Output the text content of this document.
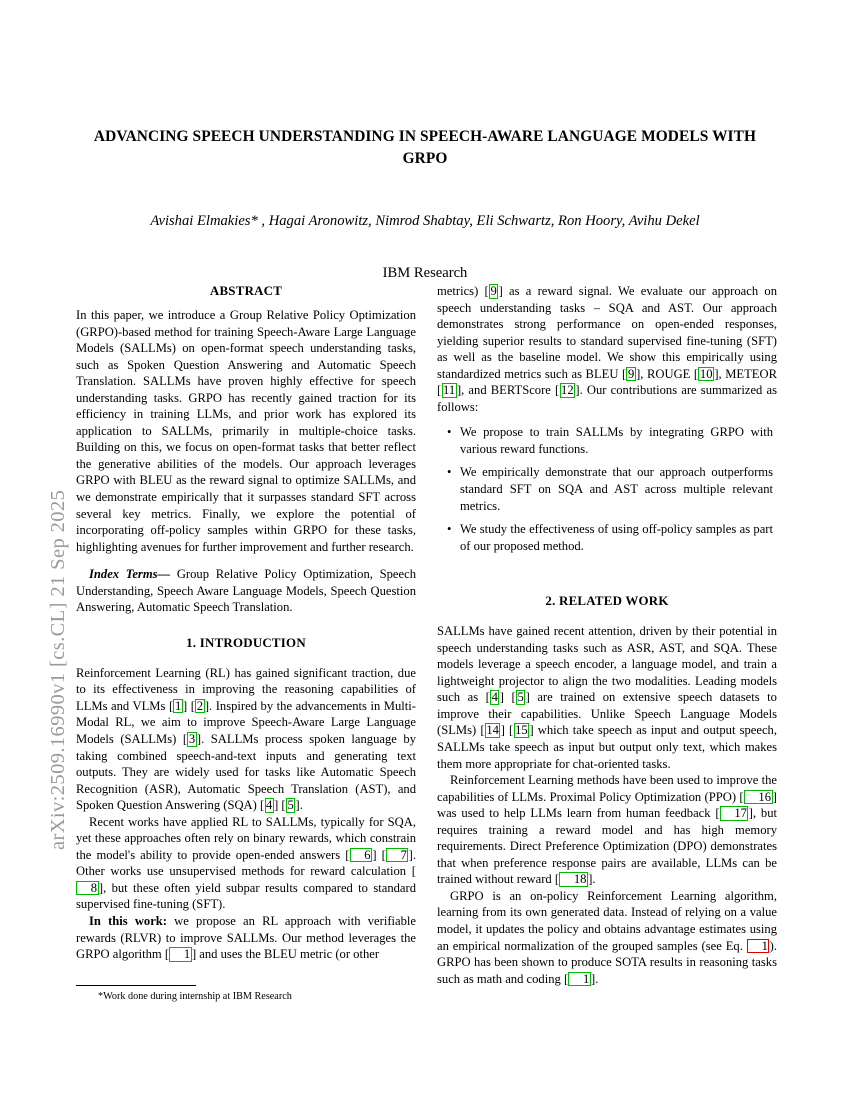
arXiv:2509.16990v1 [cs.CL] 21 Sep 2025
ADVANCING SPEECH UNDERSTANDING IN SPEECH-AWARE LANGUAGE MODELS WITH GRPO

Avishai Elmakies* , Hagai Aronowitz, Nimrod Shabtay, Eli Schwartz, Ron Hoory, Avihu Dekel

IBM Research

ABSTRACT

In this paper, we introduce a Group Relative Policy Optimization (GRPO)-based method for training Speech-Aware Large Language Models (SALLMs) on open-format speech understanding tasks, such as Spoken Question Answering and Automatic Speech Translation. SALLMs have proven highly effective for speech understanding tasks. GRPO has recently gained traction for its efficiency in training LLMs, and prior work has explored its application to SALLMs, primarily in multiple-choice tasks. Building on this, we focus on open-format tasks that better reflect the generative abilities of the models. Our approach leverages GRPO with BLEU as the reward signal to optimize SALLMs, and we demonstrate empirically that it surpasses standard SFT across several key metrics. Finally, we explore the potential of incorporating off-policy samples within GRPO for these tasks, highlighting avenues for further improvement and further research.

Index Terms— Group Relative Policy Optimization, Speech Understanding, Speech Aware Language Models, Speech Question Answering, Automatic Speech Translation.

1. INTRODUCTION

Reinforcement Learning (RL) has gained significant traction, due to its effectiveness in improving the reasoning capabilities of LLMs and VLMs [ 1 ] [ 2 ]. Inspired by the advancements in Multi-Modal RL, we aim to improve Speech-Aware Large Language Models (SALLMs) [ 3 ]. SALLMs process spoken language by taking combined speech-and-text inputs and generating text outputs. They are widely used for tasks like Automatic Speech Recognition (ASR), Automatic Speech Translation (AST), and Spoken Question Answering (SQA) [ 4 ] [ 5 ].

Recent works have applied RL to SALLMs, typically for SQA, yet these approaches often rely on binary rewards, which constrain the model's ability to provide open-ended answers [ 6 ] [ 7 ]. Other works use unsupervised methods for reward calculation [8 ], but these often yield subpar results compared to standard supervised fine-tuning (SFT).

In this work: we propose an RL approach with verifiable rewards (RLVR) to improve SALLMs. Our method leverages the GRPO algorithm [ 1 ] and uses the BLEU metric (or other

metrics) [ 9 ] as a reward signal. We evaluate our approach on speech understanding tasks – SQA and AST. Our approach demonstrates strong performance on open-ended responses, yielding superior results to standard supervised fine-tuning (SFT) as well as the baseline model. We show this empirically using standardized metrics such as BLEU [ 9 ], ROUGE [ 10 ], METEOR [ 11 ], and BERTScore [ 12 ]. Our contributions are summarized as follows:

• We propose to train SALLMs by integrating GRPO with various reward functions.
• We empirically demonstrate that our approach outperforms standard SFT on SQA and AST across multiple relevant metrics.
• We study the effectiveness of using off-policy samples as part of our proposed method.

2. RELATED WORK

SALLMs have gained recent attention, driven by their potential in speech understanding tasks such as ASR, AST, and SQA. These models leverage a speech encoder, a language model, and train a lightweight projector to align the two modalities. Leading models such as [ 4 ] [ 5 ] are trained on extensive speech datasets to improve their capabilities. Unlike Speech Language Models (SLMs) [ 14 ] [ 15 ] which take speech as input and output speech, SALLMs take speech as input but output only text, which makes them more appropriate for chat-oriented tasks.

Reinforcement Learning methods have been used to improve the capabilities of LLMs. Proximal Policy Optimization (PPO) [ 16 ] was used to help LLMs learn from human feedback [ 17 ], but requires training a reward model and has high memory requirements. Direct Preference Optimization (DPO) demonstrates that when preference response pairs are available, LLMs can be trained without reward [ 18 ].

GRPO is an on-policy Reinforcement Learning algorithm, learning from its own generated data. Instead of relying on a value model, it updates the policy and obtains advantage estimates using an empirical normalization of the grouped samples (see Eq. 1 ). GRPO has been shown to produce SOTA results in reasoning tasks such as math and coding [ 1 ].

*Work done during internship at IBM Research
